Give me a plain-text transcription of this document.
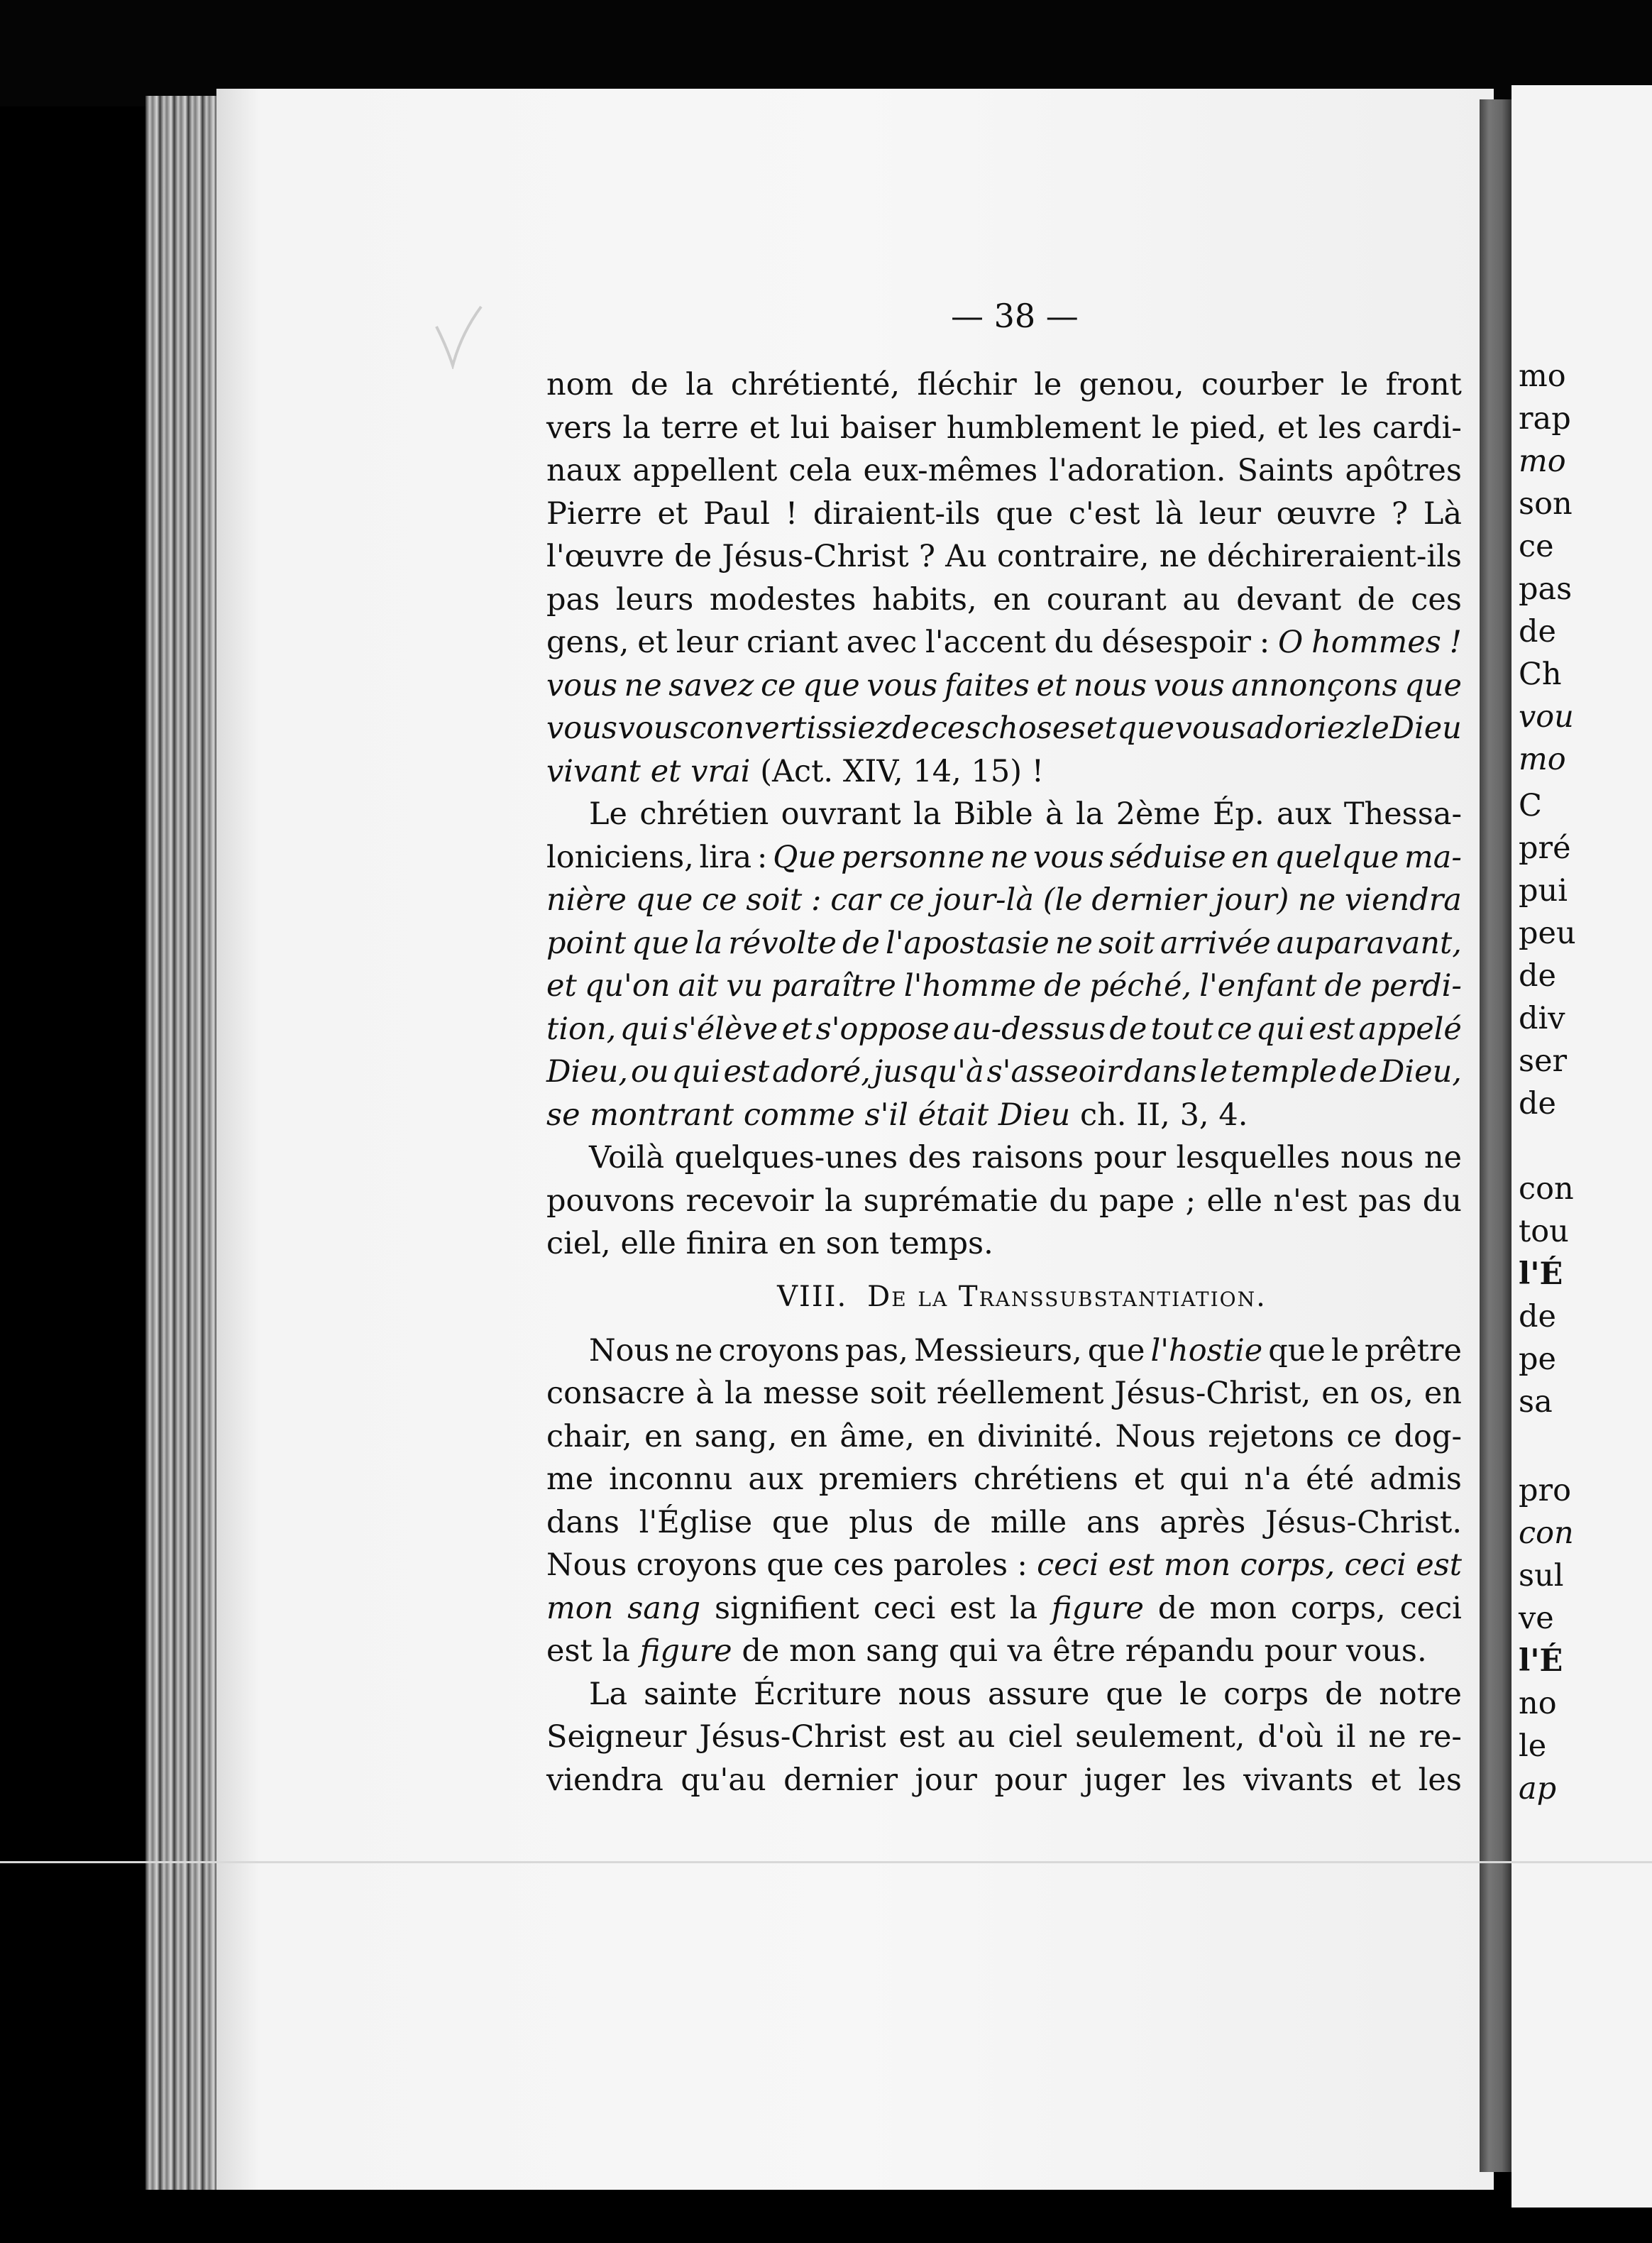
— 38 —
nom de la chrétienté, fléchir le genou, courber le front
vers la terre et lui baiser humblement le pied, et les cardi-
naux appellent cela eux-mêmes l'adoration. Saints apôtres
Pierre et Paul ! diraient-ils que c'est là leur œuvre ? Là
l'œuvre de Jésus-Christ ? Au contraire, ne déchireraient-ils
pas leurs modestes habits, en courant au devant de ces
gens, et leur criant avec l'accent du désespoir : O hommes !
vous ne savez ce que vous faites et nous vous annonçons que
vous vous convertissiez de ces choses et que vous adoriez le Dieu
vivant et vrai (Act. XIV, 14, 15) !
Le chrétien ouvrant la Bible à la 2ème Ép. aux Thessa-
loniciens, lira : Que personne ne vous séduise en quelque ma-
nière que ce soit : car ce jour-là (le dernier jour) ne viendra
point que la révolte de l'apostasie ne soit arrivée auparavant,
et qu'on ait vu paraître l'homme de péché, l'enfant de perdi-
tion, qui s'élève et s'oppose au-dessus de tout ce qui est appelé
Dieu, ou qui est adoré, jusqu'à s'asseoir dans le temple de Dieu,
se montrant comme s'il était Dieu ch. II, 3, 4.
Voilà quelques-unes des raisons pour lesquelles nous ne
pouvons recevoir la suprématie du pape ; elle n'est pas du
ciel, elle finira en son temps.
VIII. De la Transsubstantiation.
Nous ne croyons pas, Messieurs, que l'hostie que le prêtre
consacre à la messe soit réellement Jésus-Christ, en os, en
chair, en sang, en âme, en divinité. Nous rejetons ce dog-
me inconnu aux premiers chrétiens et qui n'a été admis
dans l'Église que plus de mille ans après Jésus-Christ.
Nous croyons que ces paroles : ceci est mon corps, ceci est
mon sang signifient ceci est la figure de mon corps, ceci
est la figure de mon sang qui va être répandu pour vous.
La sainte Écriture nous assure que le corps de notre
Seigneur Jésus-Christ est au ciel seulement, d'où il ne re-
viendra qu'au dernier jour pour juger les vivants et les
mo
rap
mo
son
ce
pas
de
Ch
vou
mo
C
pré
pui
peu
de
div
ser
de
con
tou
l'É
de
pe
sa
pro
con
sul
ve
l'É
no
le
ap
